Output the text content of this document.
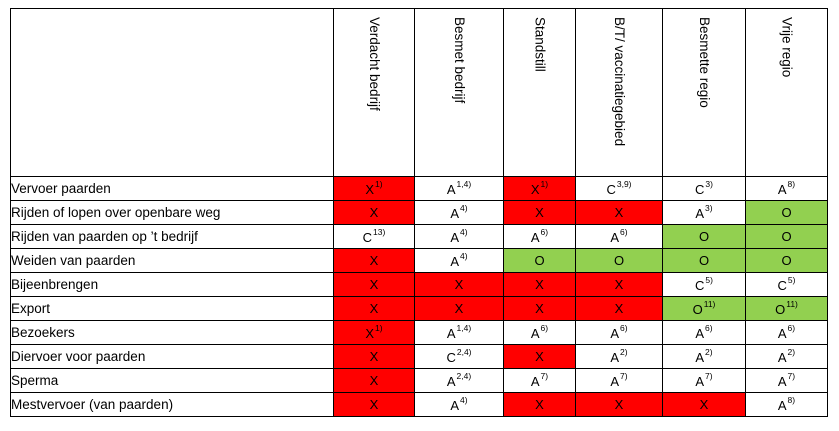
	Verdacht bedrijf	Besmet bedrijf	Standstill	B/T/ vaccinatiegebied	Besmette regio	Vrije regio
Vervoer paarden	X$^{1)}$	A$^{1,4)}$	X$^{1)}$	C$^{3,9)}$	C$^{3)}$	A$^{8)}$
Rijden of lopen over openbare weg	X	A$^{4)}$	X	X	A$^{3)}$	O
Rijden van paarden op ’t bedrijf	C$^{13)}$	A$^{4)}$	A$^{6)}$	A$^{6)}$	O	O
Weiden van paarden	X	A$^{4)}$	O	O	O	O
Bijeenbrengen	X	X	X	X	C$^{5)}$	C$^{5)}$
Export	X	X	X	X	O$^{11)}$	O$^{11)}$
Bezoekers	X$^{1)}$	A$^{1,4)}$	A$^{6)}$	A$^{6)}$	A$^{6)}$	A$^{6)}$
Diervoer voor paarden	X	C$^{2,4)}$	X	A$^{2)}$	A$^{2)}$	A$^{2)}$
Sperma	X	A$^{2,4)}$	A$^{7)}$	A$^{7)}$	A$^{7)}$	A$^{7)}$
Mestvervoer (van paarden)	X	A$^{4)}$	X	X	X	A$^{8)}$
